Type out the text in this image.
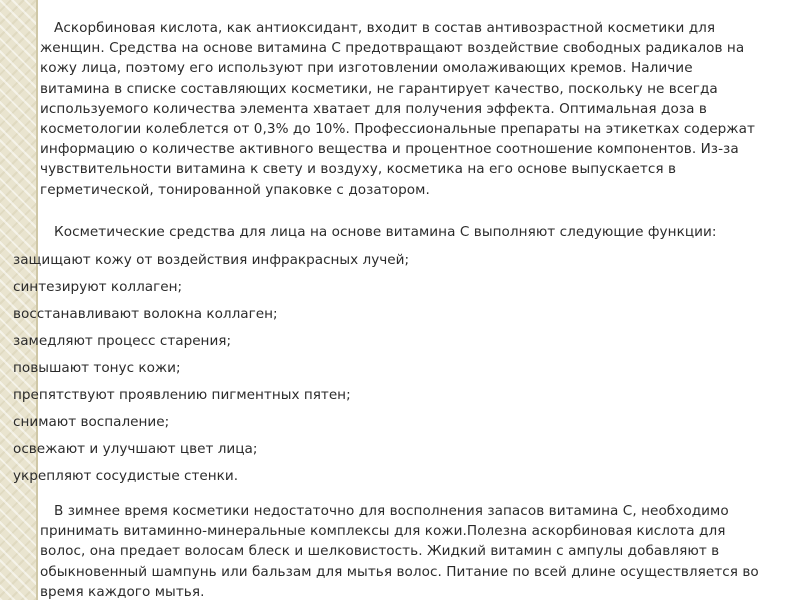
Аскорбиновая кислота, как антиоксидант, входит в состав антивозрастной косметики для
женщин. Средства на основе витамина С предотвращают воздействие свободных радикалов на
кожу лица, поэтому его используют при изготовлении омолаживающих кремов. Наличие
витамина в списке составляющих косметики, не гарантирует качество, поскольку не всегда
используемого количества элемента хватает для получения эффекта. Оптимальная доза в
косметологии колеблется от 0,3% до 10%. Профессиональные препараты на этикетках содержат
информацию о количестве активного вещества и процентное соотношение компонентов. Из-за
чувствительности витамина к свету и воздуху, косметика на его основе выпускается в
герметической, тонированной упаковке с дозатором.
Косметические средства для лица на основе витамина С выполняют следующие функции:

защищают кожу от воздействия инфракрасных лучей;

синтезируют коллаген;

восстанавливают волокна коллаген;

замедляют процесс старения;

повышают тонус кожи;

препятствуют проявлению пигментных пятен;

снимают воспаление;

освежают и улучшают цвет лица;

укрепляют сосудистые стенки.

В зимнее время косметики недостаточно для восполнения запасов витамина С, необходимо
принимать витаминно-минеральные комплексы для кожи.Полезна аскорбиновая кислота для
волос, она предает волосам блеск и шелковистость. Жидкий витамин с ампулы добавляют в
обыкновенный шампунь или бальзам для мытья волос. Питание по всей длине осуществляется во
время каждого мытья.
